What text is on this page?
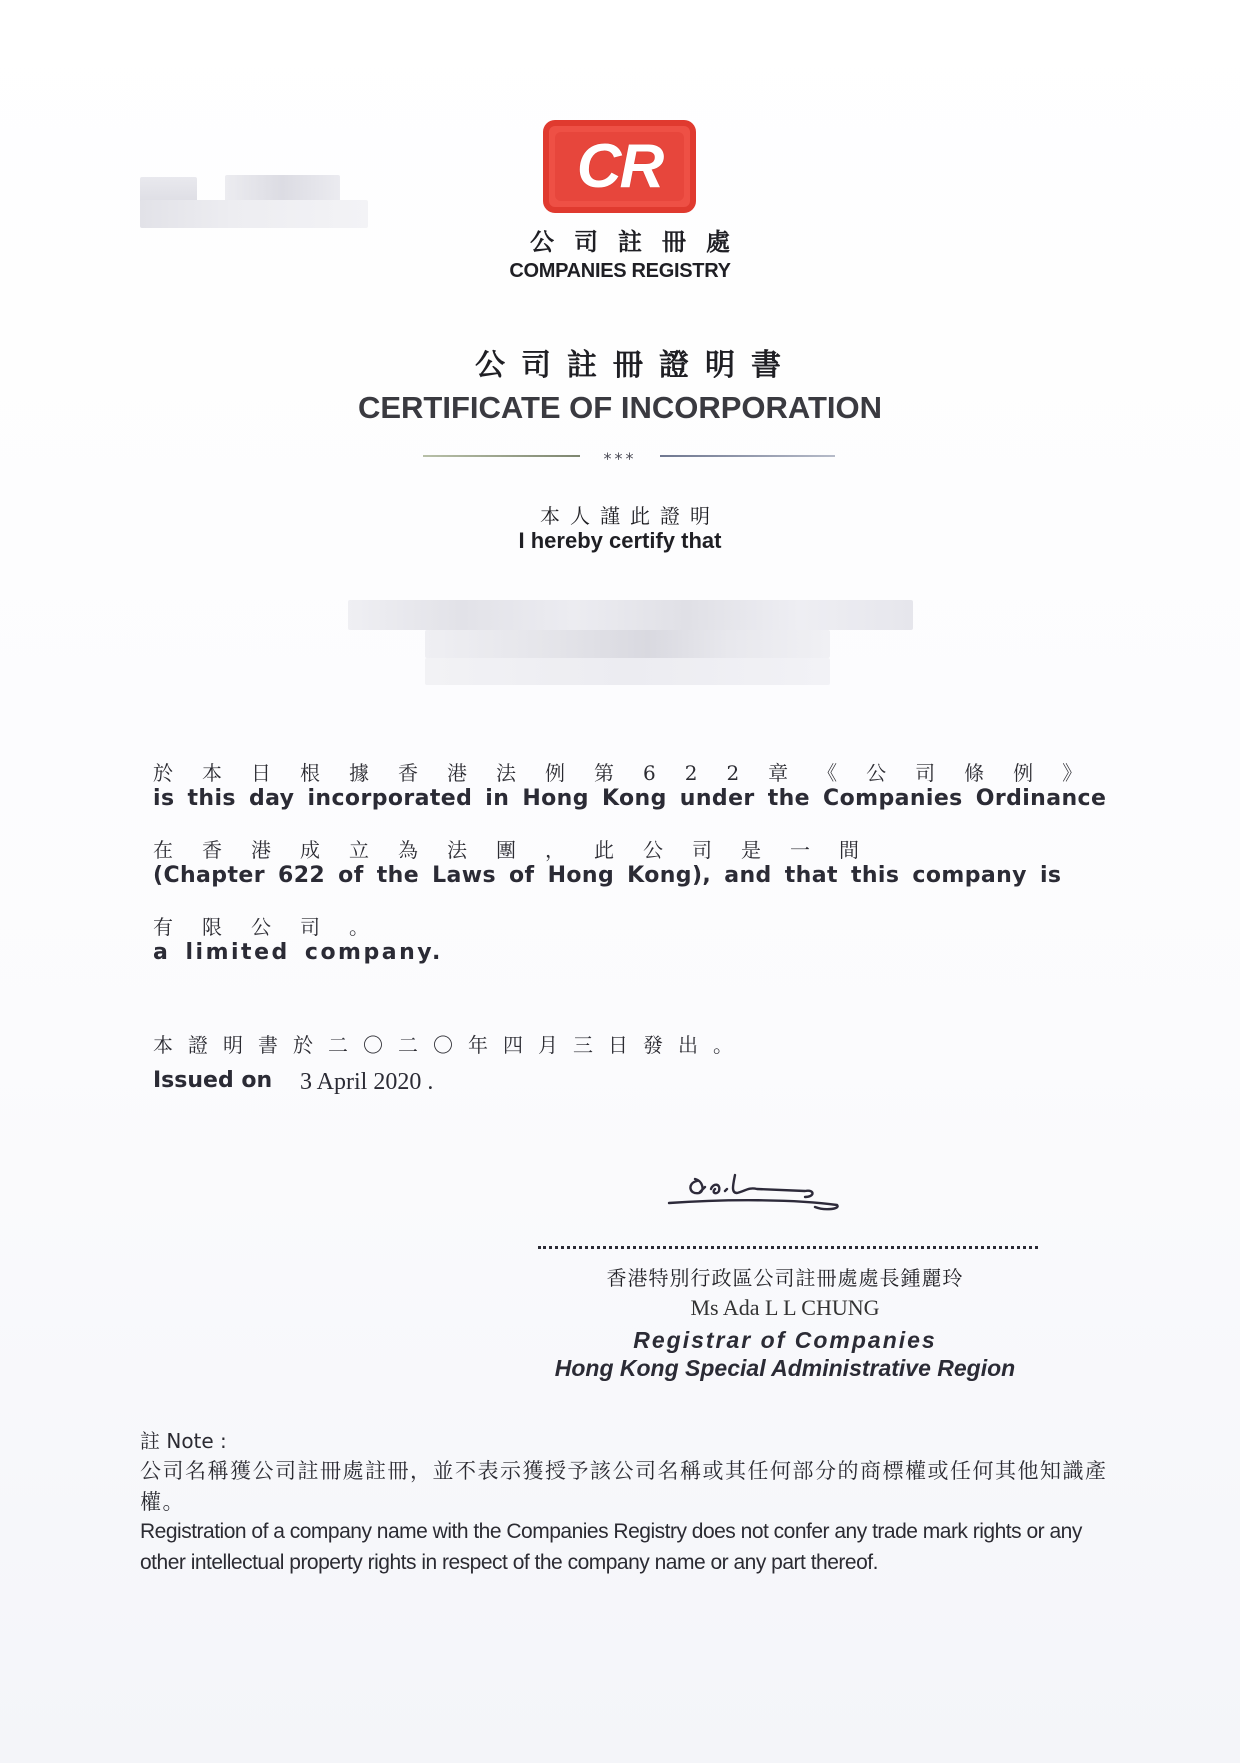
CR
公司註冊處
COMPANIES REGISTRY
公司註冊證明書
CERTIFICATE OF INCORPORATION
***
本人謹此證明
I hereby certify that
於本日根據香港法例第622章《公司條例》
is this day incorporated in Hong Kong under the Companies Ordinance
在香港成立為法團，此公司是一間
(Chapter 622 of the Laws of Hong Kong), and that this company is
有限公司。
a limited company.
本證明書於二〇二〇年四月三日發出。
Issued on 3 April 2020 .
香港特別行政區公司註冊處處長鍾麗玲
Ms Ada L L CHUNG
Registrar of Companies
Hong Kong Special Administrative Region
註 Note :
公司名稱獲公司註冊處註冊，並不表示獲授予該公司名稱或其任何部分的商標權或任何其他知識產權。
Registration of a company name with the Companies Registry does not confer any trade mark rights or any other intellectual property rights in respect of the company name or any part thereof.
